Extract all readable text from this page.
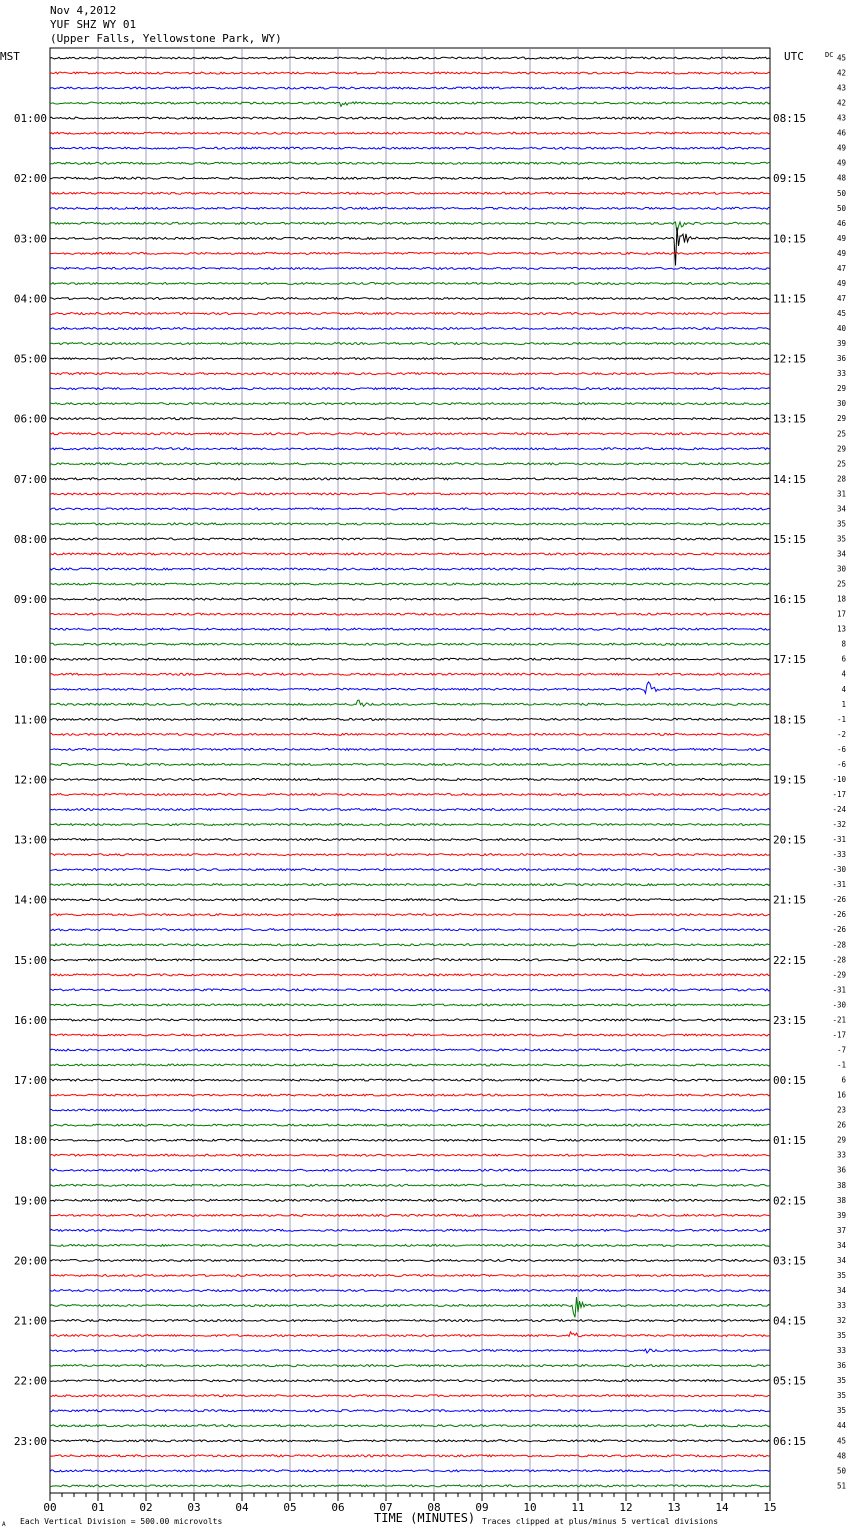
Nov 4,2012
YUF SHZ WY 01
(Upper Falls, Yellowstone Park, WY)
45
42
43
42
43
46
49
49
48
50
50
46
49
49
47
49
47
45
40
39
36
33
29
30
29
25
29
25
28
31
34
35
35
34
30
25
18
17
13
8
6
4
4
1
-1
-2
-6
-6
-10
-17
-24
-32
-31
-33
-30
-31
-26
-26
-26
-28
-28
-29
-31
-30
-21
-17
-7
-1
6
16
23
26
29
33
36
38
38
39
37
34
34
35
34
33
32
35
33
36
35
35
35
44
45
48
50
51
01:00
02:00
03:00
04:00
05:00
06:00
07:00
08:00
09:00
10:00
11:00
12:00
13:00
14:00
15:00
16:00
17:00
18:00
19:00
20:00
21:00
22:00
23:00
08:15
09:15
10:15
11:15
12:15
13:15
14:15
15:15
16:15
17:15
18:15
19:15
20:15
21:15
22:15
23:15
00:15
01:15
02:15
03:15
04:15
05:15
06:15
00	01	02	03	04	05	06	07	08	09	10	11	12	13	14	15
MST	UTC	DC
TIME (MINUTES)
Each Vertical Division = 500.00 microvolts	Traces clipped at plus/minus 5 vertical divisions
A
